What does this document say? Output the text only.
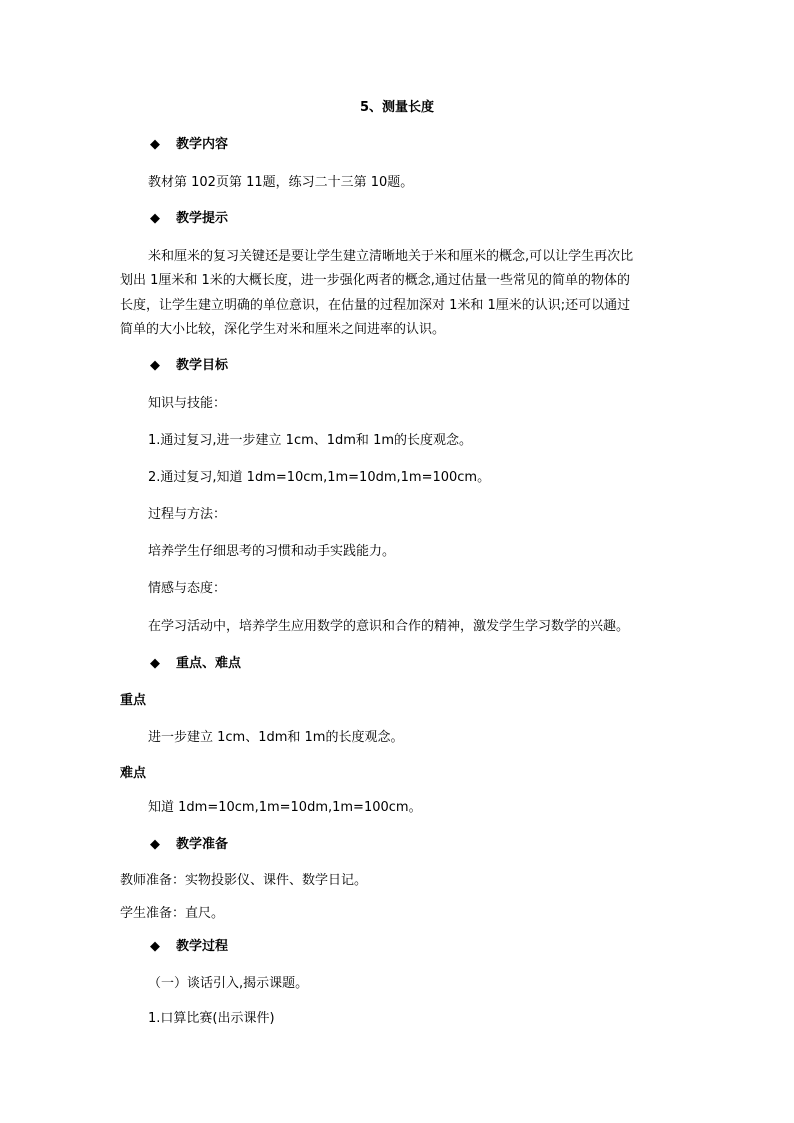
5、测量长度
◆ 教学内容
教材第 102页第 11题，练习二十三第 10题。
◆ 教学提示
米和厘米的复习关键还是要让学生建立清晰地关于米和厘米的概念,可以让学生再次比
划出 1厘米和 1米的大概长度，进一步强化两者的概念,通过估量一些常见的简单的物体的
长度，让学生建立明确的单位意识，在估量的过程加深对 1米和 1厘米的认识;还可以通过
简单的大小比较，深化学生对米和厘米之间进率的认识。
◆ 教学目标
知识与技能：
1.通过复习,进一步建立 1cm、1dm和 1m的长度观念。
2.通过复习,知道 1dm=10cm,1m=10dm,1m=100cm。
过程与方法：
培养学生仔细思考的习惯和动手实践能力。
情感与态度：
在学习活动中，培养学生应用数学的意识和合作的精神，激发学生学习数学的兴趣。
◆ 重点、难点
重点
进一步建立 1cm、1dm和 1m的长度观念。
难点
知道 1dm=10cm,1m=10dm,1m=100cm。
◆ 教学准备
教师准备：实物投影仪、课件、数学日记。
学生准备：直尺。
◆ 教学过程
（一）谈话引入,揭示课题。
1.口算比赛(出示课件)
